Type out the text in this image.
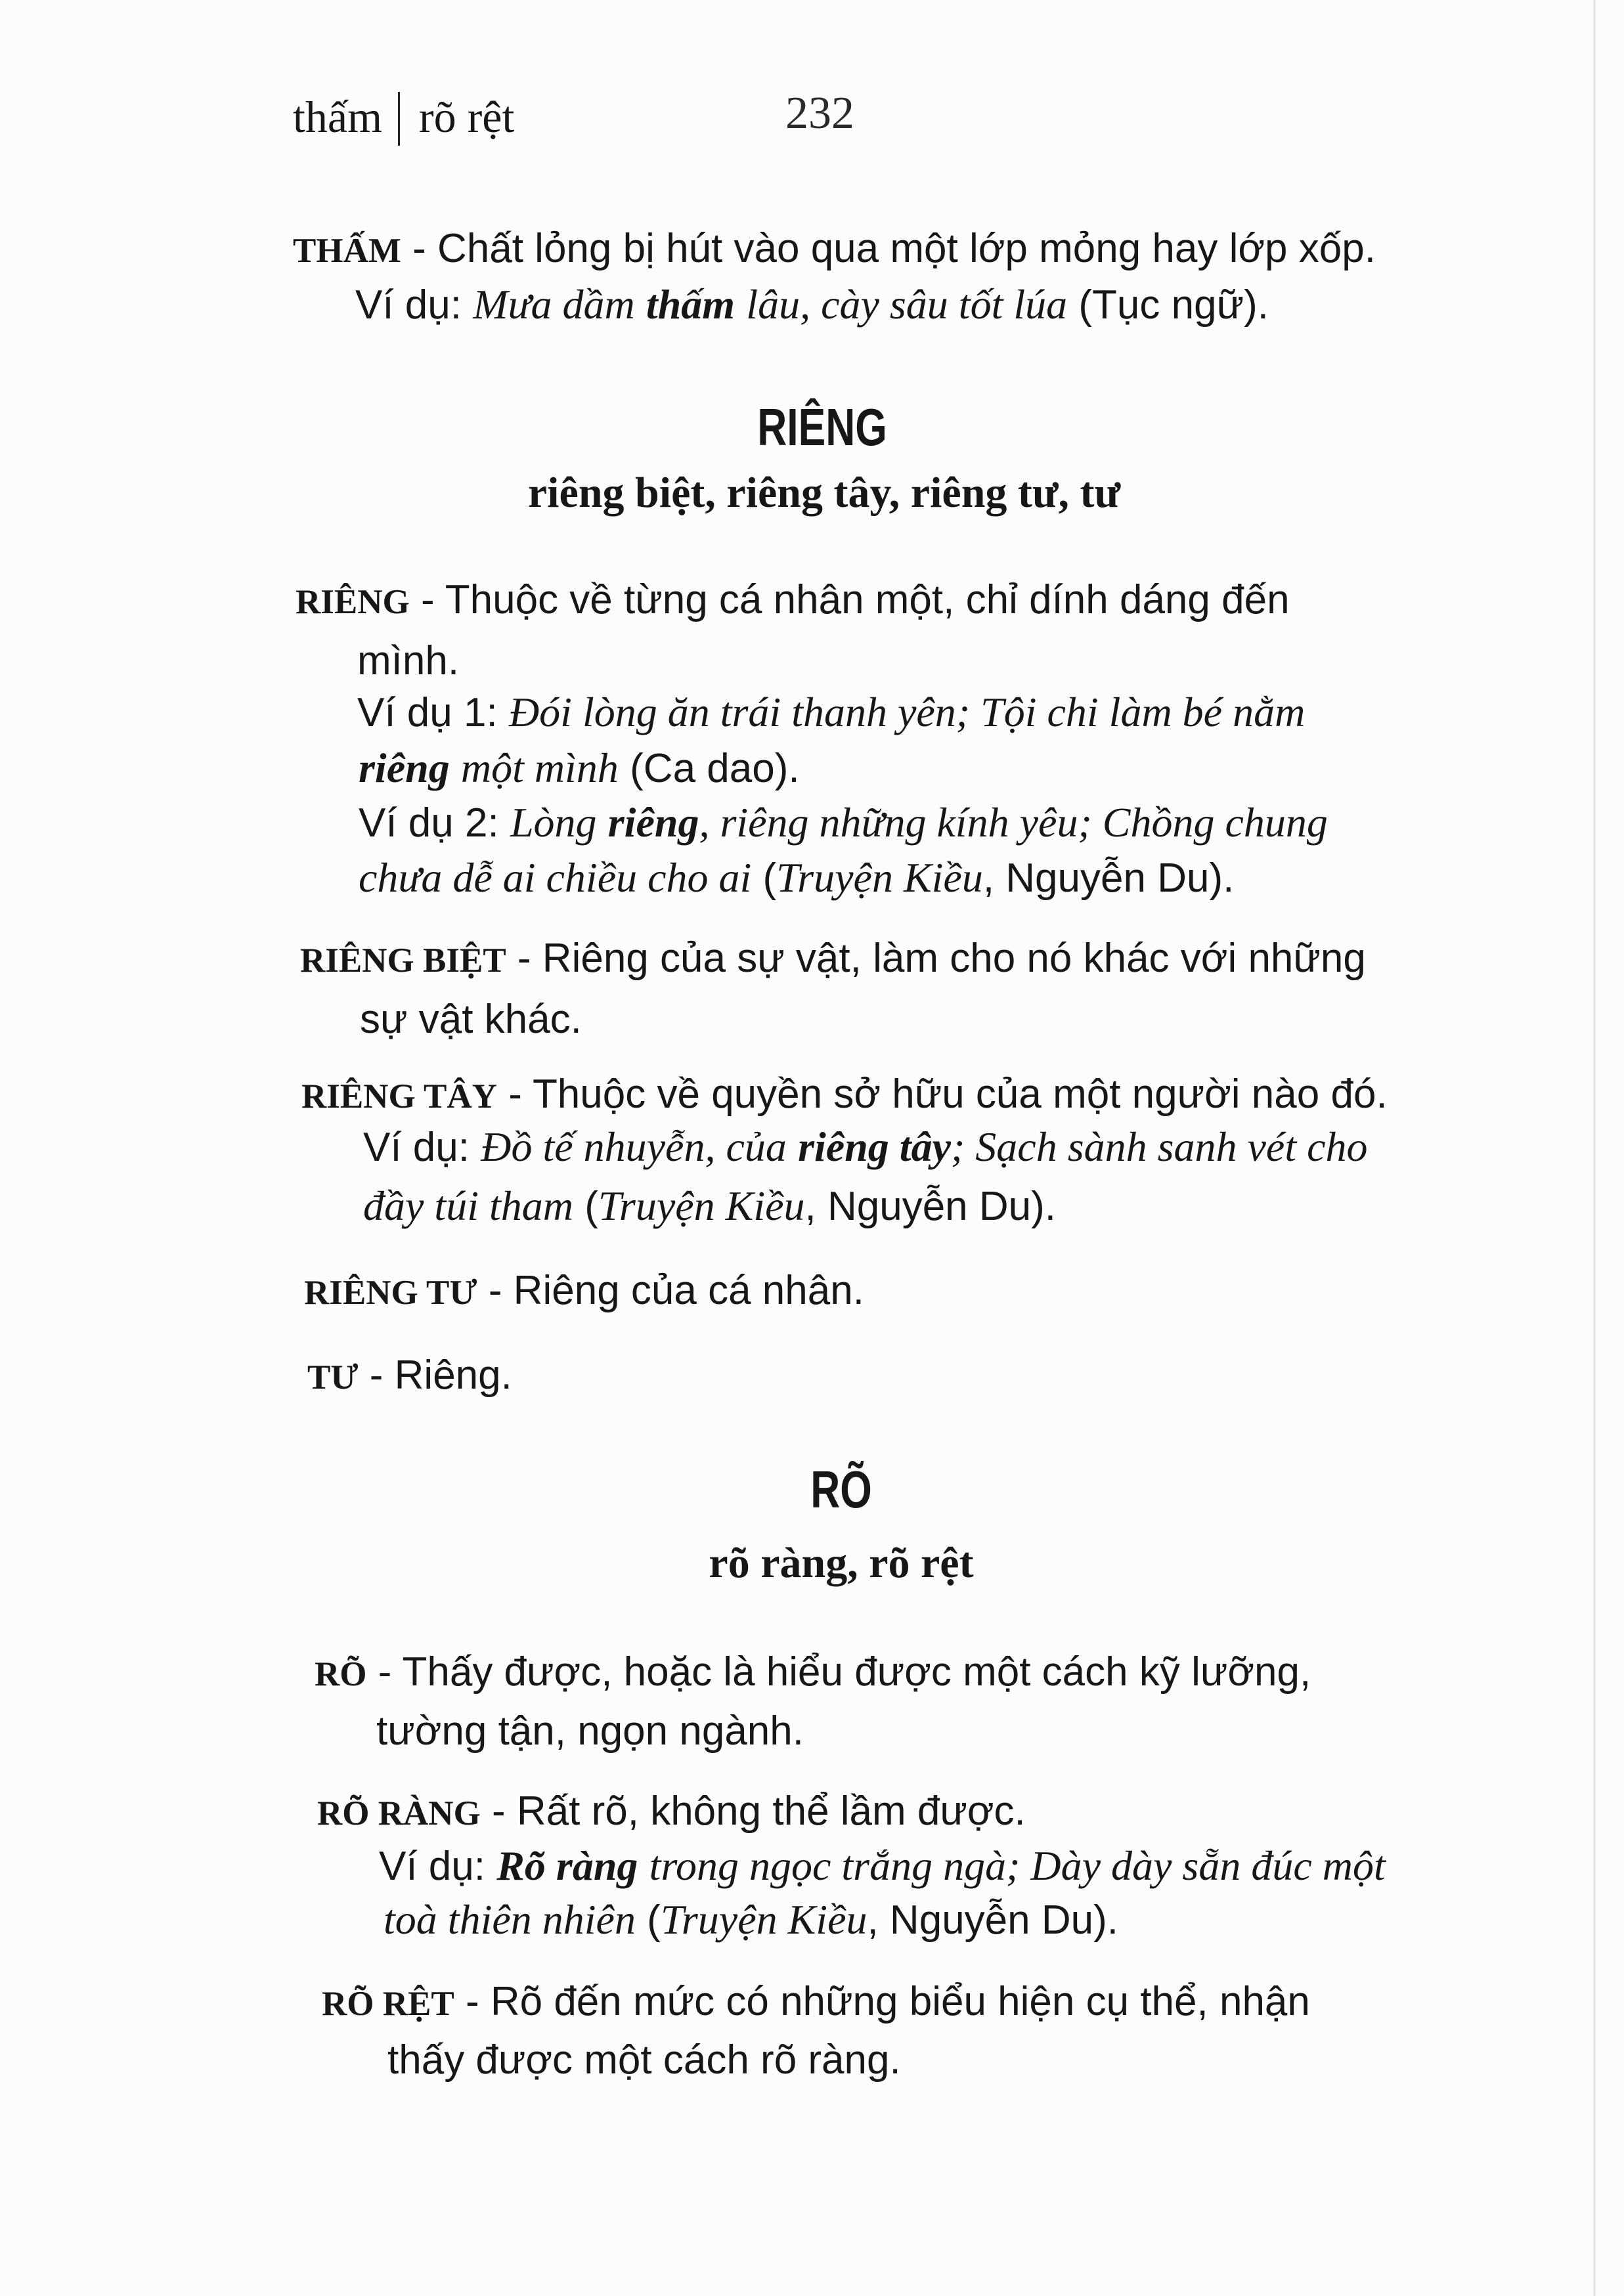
thấm rõ rệt	232
THẤM - Chất lỏng bị hút vào qua một lớp mỏng hay lớp xốp.
Ví dụ: Mưa dầm thấm lâu, cày sâu tốt lúa (Tục ngữ).
RIÊNG
riêng biệt, riêng tây, riêng tư, tư
RIÊNG - Thuộc về từng cá nhân một, chỉ dính dáng đến
mình.
Ví dụ 1: Đói lòng ăn trái thanh yên; Tội chi làm bé nằm
riêng một mình (Ca dao).
Ví dụ 2: Lòng riêng, riêng những kính yêu; Chồng chung
chưa dễ ai chiều cho ai (Truyện Kiều, Nguyễn Du).
RIÊNG BIỆT - Riêng của sự vật, làm cho nó khác với những
sự vật khác.
RIÊNG TÂY - Thuộc về quyền sở hữu của một người nào đó.
Ví dụ: Đồ tế nhuyễn, của riêng tây; Sạch sành sanh vét cho
đầy túi tham (Truyện Kiều, Nguyễn Du).
RIÊNG TƯ - Riêng của cá nhân.
TƯ - Riêng.
RÕ
rõ ràng, rõ rệt
RÕ - Thấy được, hoặc là hiểu được một cách kỹ lưỡng,
tường tận, ngọn ngành.
RÕ RÀNG - Rất rõ, không thể lầm được.
Ví dụ: Rõ ràng trong ngọc trắng ngà; Dày dày sẵn đúc một
toà thiên nhiên (Truyện Kiều, Nguyễn Du).
RÕ RỆT - Rõ đến mức có những biểu hiện cụ thể, nhận
thấy được một cách rõ ràng.
